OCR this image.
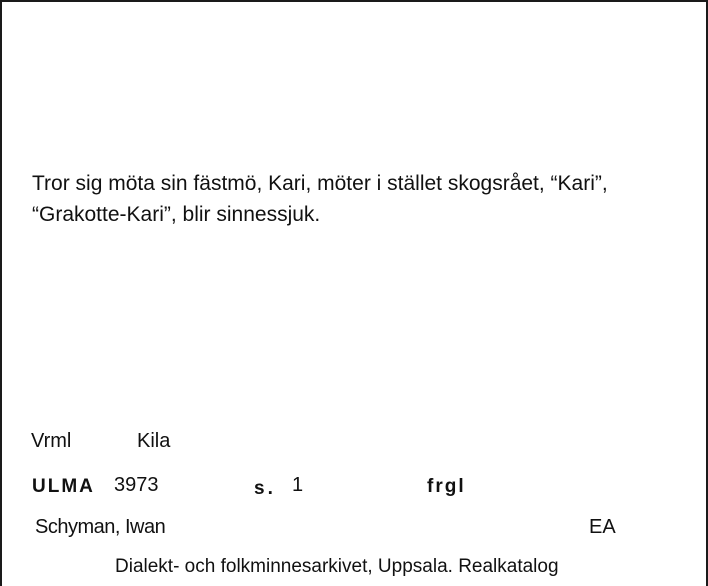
Tror sig möta sin fästmö, Kari, möter i stället skogsrået, “Kari”,
“Grakotte-Kari”, blir sinnessjuk.
Vrml	Kila
ULMA 3973	s. 1	frgl
Schyman, Iwan	EA
Dialekt- och folkminnesarkivet, Uppsala. Realkatalog
